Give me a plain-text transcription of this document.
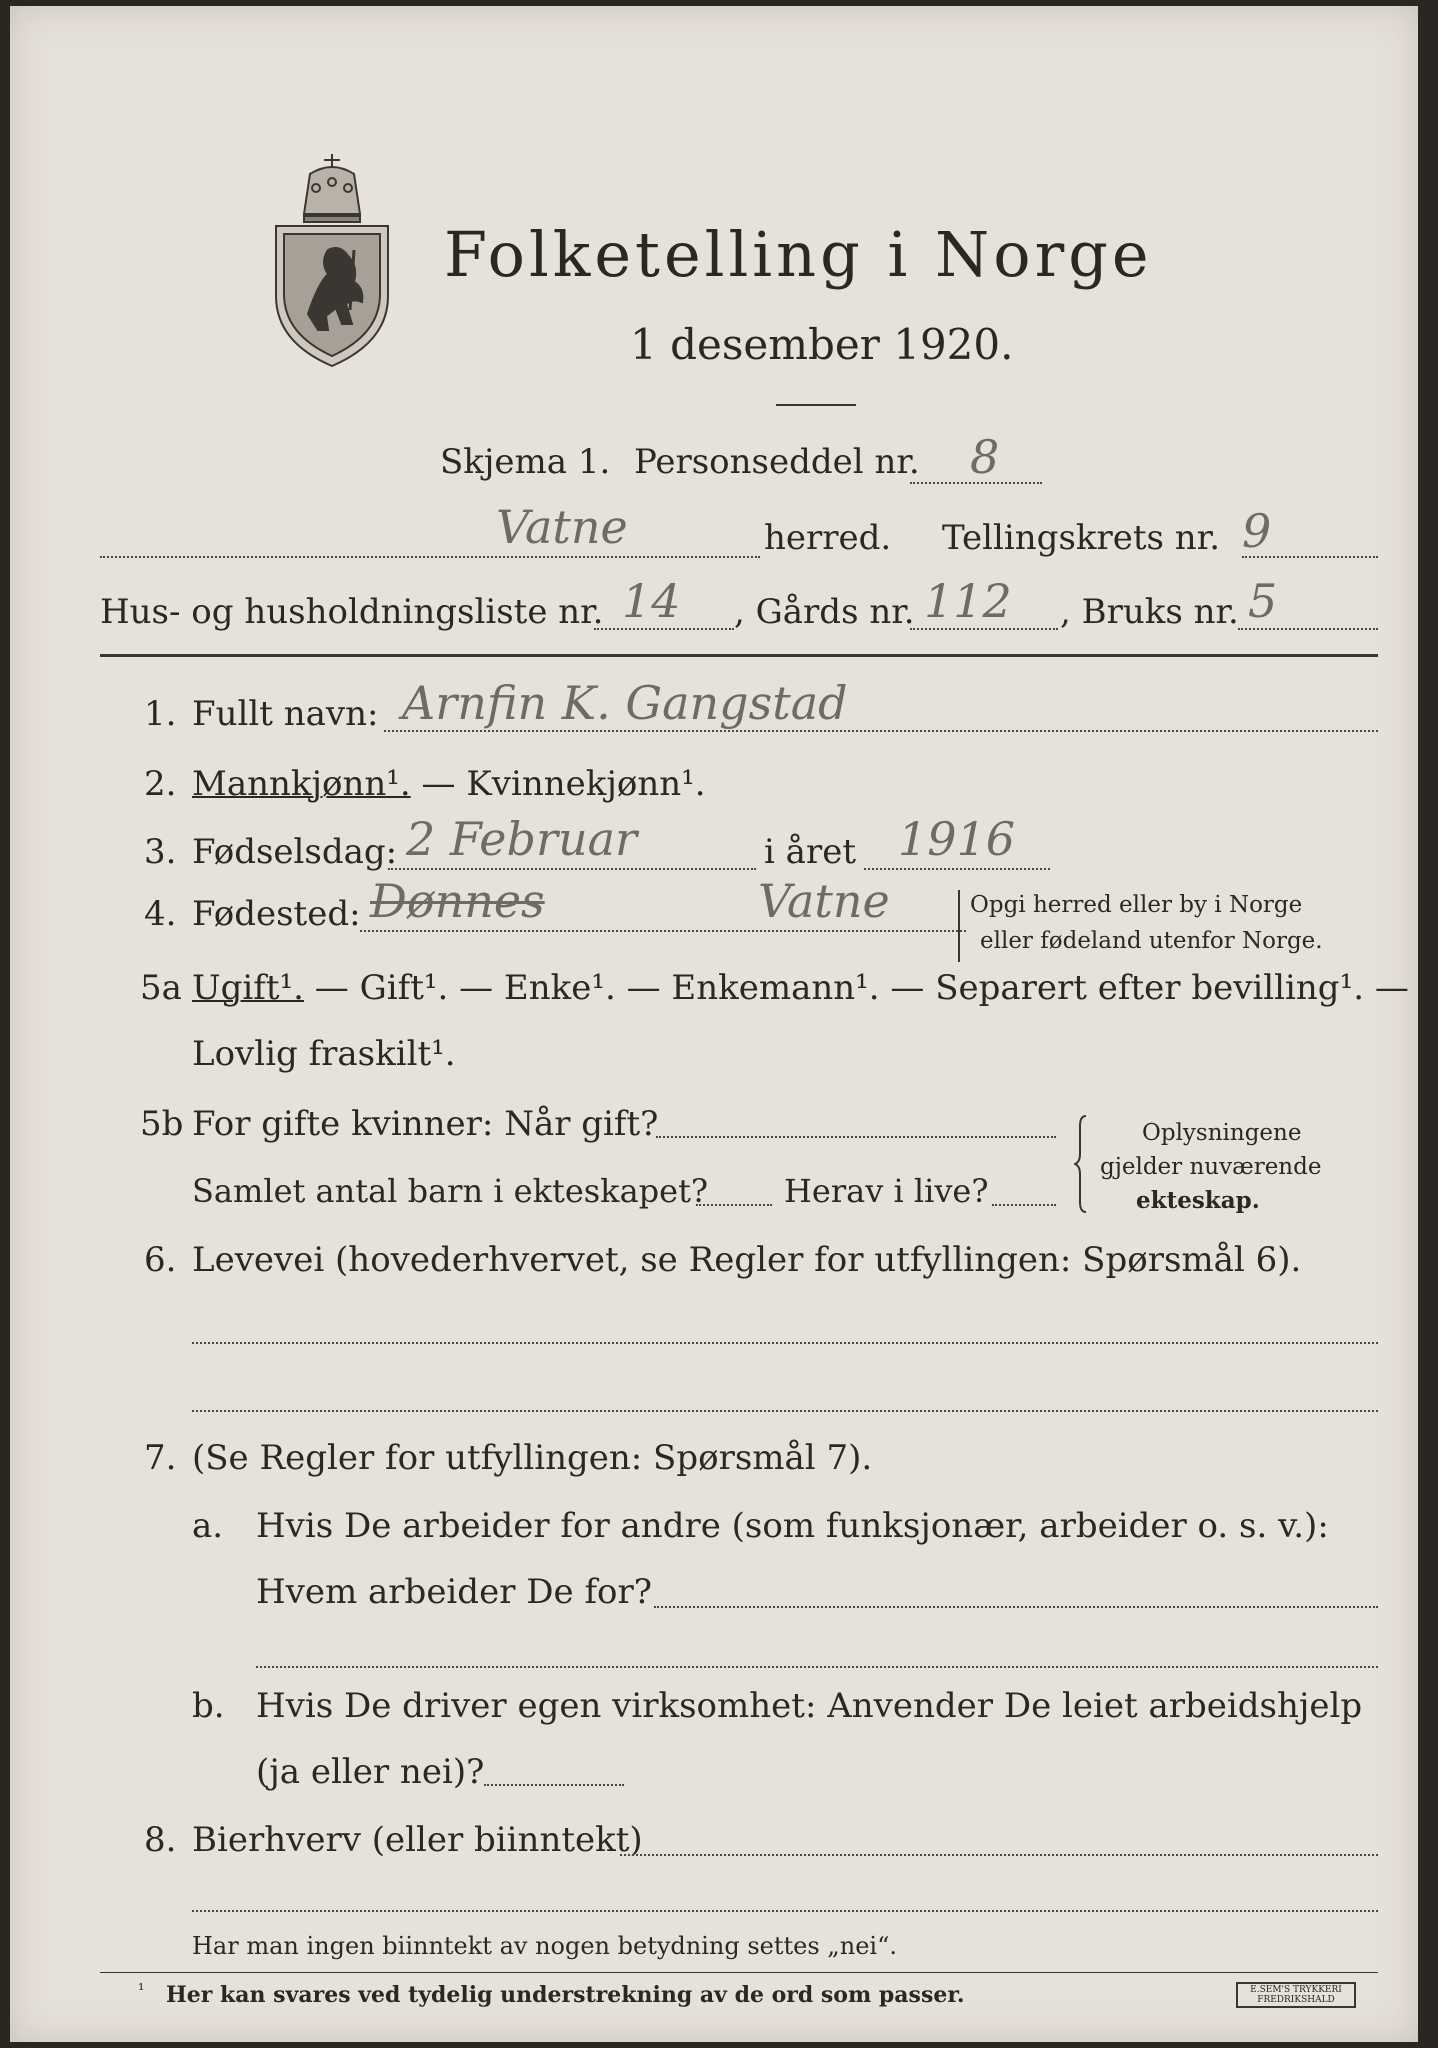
Folketelling i Norge
1 desember 1920.
Skjema 1. Personseddel nr. 8
Vatne	herred. Tellingskrets nr. 9
Hus- og husholdningsliste nr. 14 , Gårds nr. 112 , Bruks nr. 5
1. Fullt navn: Arnfin K. Gangstad
2. Mannkjønn¹. — Kvinnekjønn¹.
3. Fødselsdag: 2 Februar	i året 1916
4. Fødested: Dønnes	Vatne	Opgi herred eller by i Norge
eller fødeland utenfor Norge.
5a Ugift¹. — Gift¹. — Enke¹. — Enkemann¹. — Separert efter bevilling¹. —
Lovlig fraskilt¹.
5b For gifte kvinner: Når gift?
Samlet antal barn i ekteskapet? Herav i live?
Oplysningene
gjelder nuværende
ekteskap.
6. Levevei (hovederhvervet, se Regler for utfyllingen: Spørsmål 6).
7. (Se Regler for utfyllingen: Spørsmål 7).
a. Hvis De arbeider for andre (som funksjonær, arbeider o. s. v.):
Hvem arbeider De for?
b. Hvis De driver egen virksomhet: Anvender De leiet arbeidshjelp
(ja eller nei)?
8. Bierhverv (eller biinntekt)
Har man ingen biinntekt av nogen betydning settes „nei“.
¹ Her kan svares ved tydelig understrekning av de ord som passer.	E.SEM'S TRYKKERI
FREDRIKSHALD
